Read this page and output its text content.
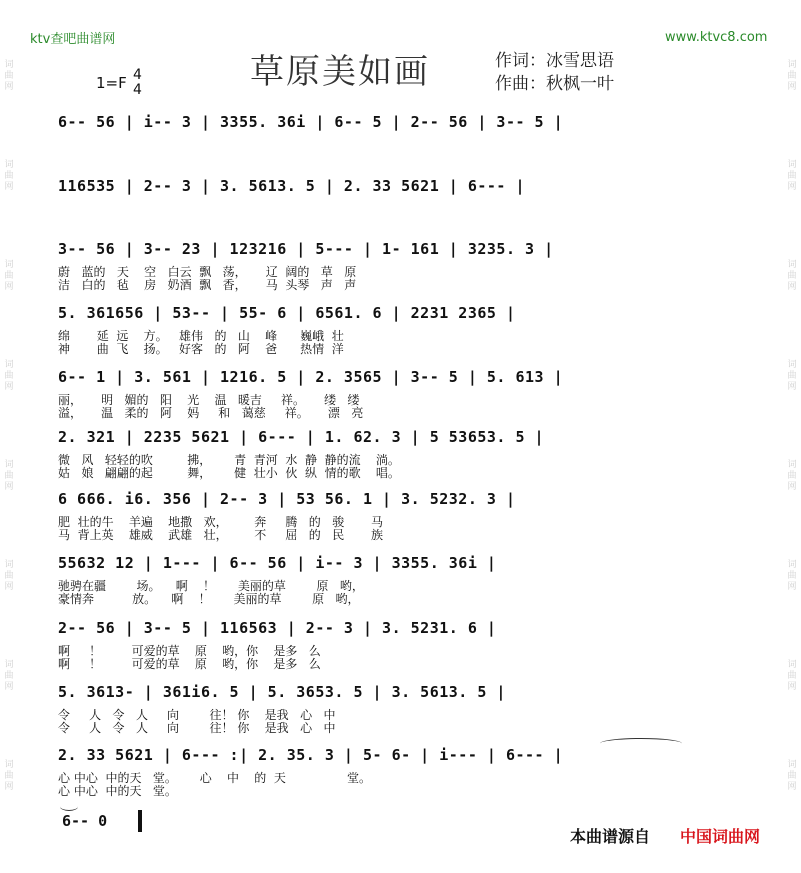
词曲网
词曲网
词曲网
词曲网
词曲网
词曲网
词曲网
词曲网
词曲网
词曲网
词曲网
词曲网
词曲网
词曲网
词曲网
词曲网
ktv查吧曲谱网	www.ktvc8.com
草原美如画	作词：冰雪思语
作曲：秋枫一叶
1=F 4
4
6-- 56 | i-- 3 | 3355. 36i | 6-- 5 | 2-- 56 | 3-- 5 |
116535 | 2-- 3 | 3. 5613. 5 | 2. 33 5621 | 6--- |
3-- 56 | 3-- 23 | 123216 | 5--- | 1- 161 | 3235. 3 |
蔚   蓝的   天    空   白云  飘   荡，     辽  阔的   草   原
洁   白的   毡    房   奶酒  飘   香，     马  头琴   声   声
5. 361656 | 53-- | 55- 6 | 6561. 6 | 2231 2365 |
绵       延  远    方。   雄伟   的   山    峰      巍峨  壮
神       曲  飞    扬。   好客   的   阿    爸      热情  洋
6-- 1 | 3. 561 | 1216. 5 | 2. 3565 | 3-- 5 | 5. 613 |
丽，     明   媚的   阳    光    温   暖吉     祥。     缕   缕
溢，     温   柔的   阿    妈     和   蔼慈     祥。     漂   亮
2. 321 | 2235 5621 | 6--- | 1. 62. 3 | 5 53653. 5 |
微   风   轻轻的吹         拂，      青  青河  水  静  静的流    淌。
姑   娘   翩翩的起         舞，      健  壮小  伙  纵  情的歌    唱。
6 666. i6. 356 | 2-- 3 | 53 56. 1 | 3. 5232. 3 |
肥  壮的牛    羊遍    地撒   欢，       奔     腾   的   骏       马
马  背上英    雄威    武雄   壮，       不     屈   的   民       族
55632 12 | 1--- | 6-- 56 | i-- 3 | 3355. 36i |
驰骋在疆        场。    啊    ！      美丽的草        原   哟，
豪情奔          放。    啊    ！      美丽的草        原   哟，
2-- 56 | 3-- 5 | 116563 | 2-- 3 | 3. 5231. 6 |
啊     ！        可爱的草    原    哟，你    是多   么
啊     ！        可爱的草    原    哟，你    是多   么
5. 3613- | 361i6. 5 | 5. 3653. 5 | 3. 5613. 5 |
令     人   令   人     向        往！ 你    是我   心   中
令     人   令   人     向        往！ 你    是我   心   中
2. 33 5621 | 6--- :| 2. 35. 3 | 5- 6- | i--- | 6--- |
心 中心  中的天   堂。      心    中    的  天                堂。
心 中心  中的天   堂。
6-- 0
本曲谱源自 中国词曲网
